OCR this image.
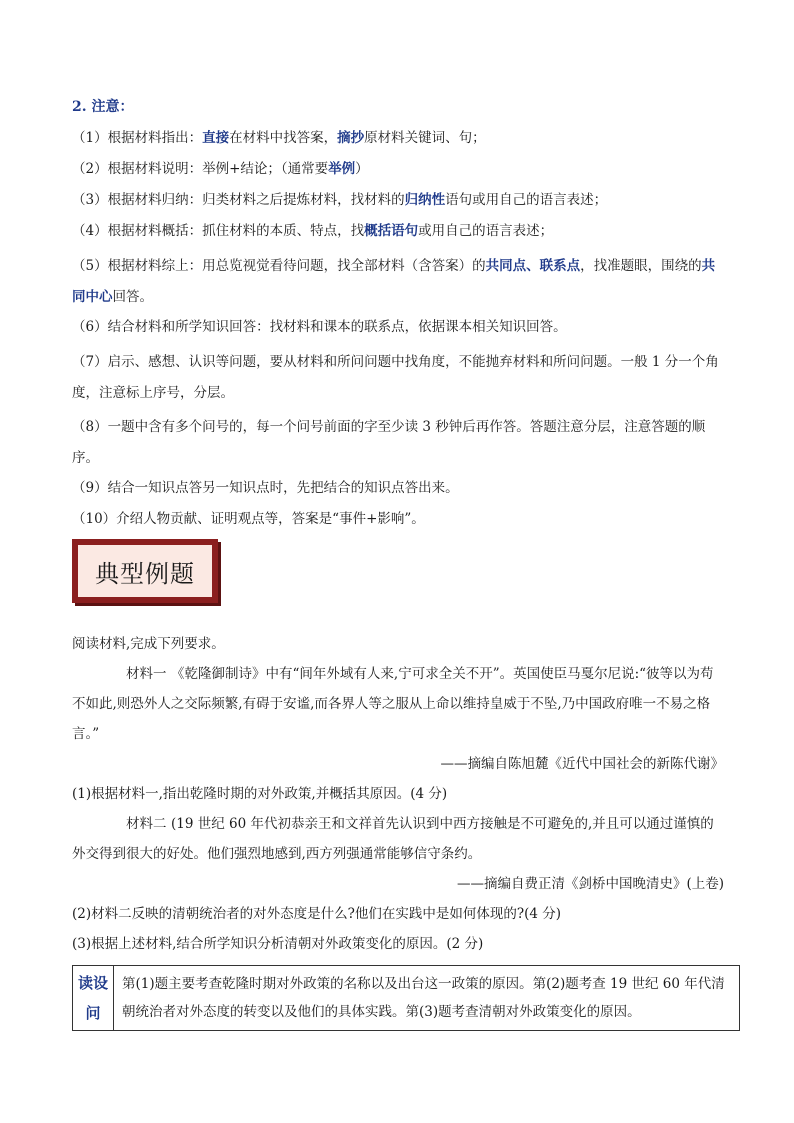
2. 注意：

（1）根据材料指出：直接在材料中找答案，摘抄原材料关键词、句；

（2）根据材料说明：举例+结论；（通常要举例）

（3）根据材料归纳：归类材料之后提炼材料，找材料的归纳性语句或用自己的语言表述；

（4）根据材料概括：抓住材料的本质、特点，找概括语句或用自己的语言表述；

（5）根据材料综上：用总览视觉看待问题，找全部材料（含答案）的共同点、联系点，找准题眼，围绕的共同中心回答。

（6）结合材料和所学知识回答：找材料和课本的联系点，依据课本相关知识回答。

（7）启示、感想、认识等问题，要从材料和所问问题中找角度，不能抛弃材料和所问问题。一般 1 分一个角度，注意标上序号，分层。

（8）一题中含有多个问号的，每一个问号前面的字至少读 3 秒钟后再作答。答题注意分层，注意答题的顺序。

（9）结合一知识点答另一知识点时，先把结合的知识点答出来。

（10）介绍人物贡献、证明观点等，答案是“事件+影响”。

典型例题

阅读材料,完成下列要求。

材料一 《乾隆御制诗》中有“间年外域有人来,宁可求全关不开”。英国使臣马戛尔尼说:“彼等以为苟不如此,则恐外人之交际频繁,有碍于安谧,而各界人等之服从上命以维持皇威于不坠,乃中国政府唯一不易之格言。”

——摘编自陈旭麓《近代中国社会的新陈代谢》

(1)根据材料一,指出乾隆时期的对外政策,并概括其原因。(4 分)

材料二 (19 世纪 60 年代初恭亲王和文祥首先认识到中西方接触是不可避免的,并且可以通过谨慎的外交得到很大的好处。他们强烈地感到,西方列强通常能够信守条约。

——摘编自费正清《剑桥中国晚清史》(上卷)

(2)材料二反映的清朝统治者的对外态度是什么?他们在实践中是如何体现的?(4 分)

(3)根据上述材料,结合所学知识分析清朝对外政策变化的原因。(2 分)

读设
问
第(1)题主要考查乾隆时期对外政策的名称以及出台这一政策的原因。第(2)题考查 19 世纪 60 年代清朝统治者对外态度的转变以及他们的具体实践。第(3)题考查清朝对外政策变化的原因。
